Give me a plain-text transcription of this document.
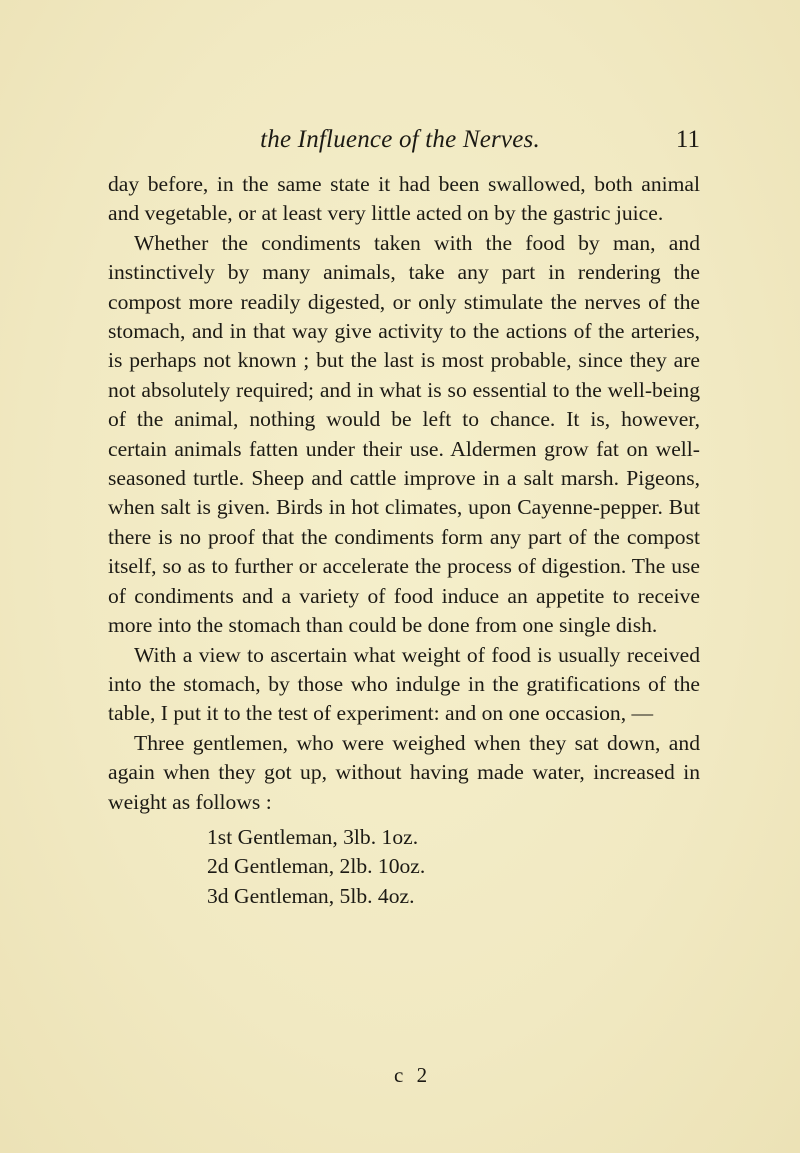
the Influence of the Nerves.	11

day before, in the same state it had been swallowed, both animal and vegetable, or at least very little acted on by the gastric juice.

Whether the condiments taken with the food by man, and instinctively by many animals, take any part in rendering the compost more readily digested, or only stimulate the nerves of the stomach, and in that way give activity to the actions of the arteries, is perhaps not known ; but the last is most probable, since they are not absolutely required; and in what is so essential to the well-being of the animal, nothing would be left to chance. It is, however, certain animals fatten under their use. Aldermen grow fat on well-seasoned turtle. Sheep and cattle improve in a salt marsh. Pigeons, when salt is given. Birds in hot climates, upon Cayenne-pepper. But there is no proof that the condiments form any part of the compost itself, so as to further or accelerate the process of digestion. The use of condiments and a variety of food induce an appetite to receive more into the stomach than could be done from one single dish.

With a view to ascertain what weight of food is usually received into the stomach, by those who indulge in the gratifications of the table, I put it to the test of experiment: and on one occasion, —

Three gentlemen, who were weighed when they sat down, and again when they got up, without having made water, increased in weight as follows :

1st Gentleman, 3lb. 1oz.
2d Gentleman, 2lb. 10oz.
3d Gentleman, 5lb. 4oz.
c 2
